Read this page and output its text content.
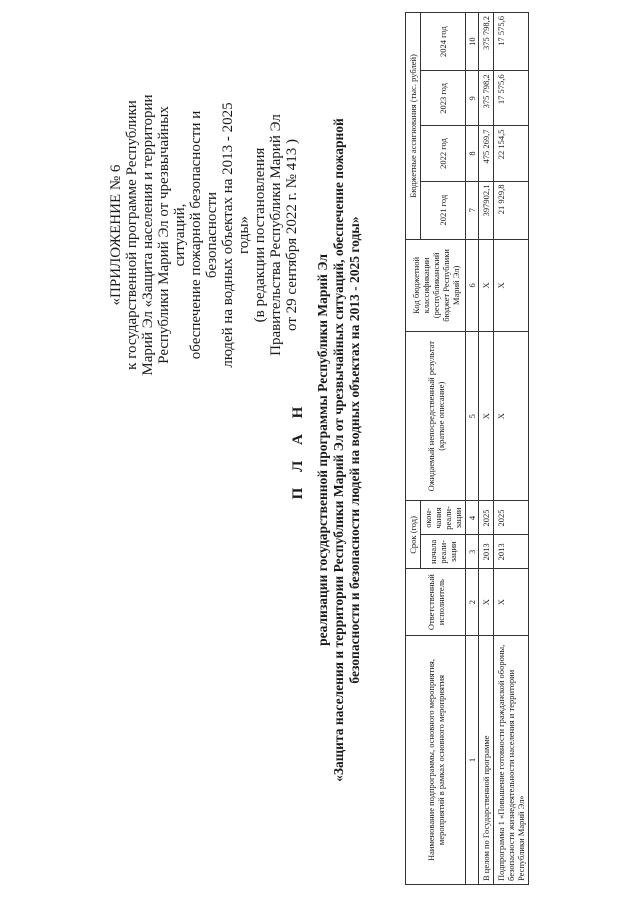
«ПРИЛОЖЕНИЕ № 6 к государственной программе Республики Марий Эл «Защита населения и территории Республики Марий Эл от чрезвычайных ситуаций, обеспечение пожарной безопасности и безопасности людей на водных объектах на 2013 - 2025 годы» (в редакции постановления Правительства Республики Марий Эл от 29 сентября 2022 г. № 413 )
П Л А Н реализации государственной программы Республики Марий Эл «Защита населения и территории Республики Марий Эл от чрезвычайных ситуаций, обеспечение пожарной безопасности и безопасности людей на водных объектах на 2013 - 2025 годы»
Наименование подпрограммы, основного мероприятия, мероприятий в рамках основного мероприятия	Ответственный исполнитель	Срок (год)		Ожидаемый непосредственный результат (краткое описание)	Код бюджетной классификации (республиканский бюджет Республики Марий Эл)	Бюджетные ассигнования (тыс. рублей)			
		начала реали-зации	окон-чания реали-зации			2021 год	2022 год	2023 год	2024 год
1	2	3	4	5	6	7	8	9	10
В целом по Государственной программе	Х	2013	2025	Х	Х	397902,1	475 269,7	375 798,2	375 798,2
Подпрограмма 1 «Повышение готовности гражданской обороны, безопасности жизнедеятельности населения и территории Республики Марий Эл»	Х	2013	2025	Х	Х	21 929,8	22 154,5	17 575,6	17 575,6
